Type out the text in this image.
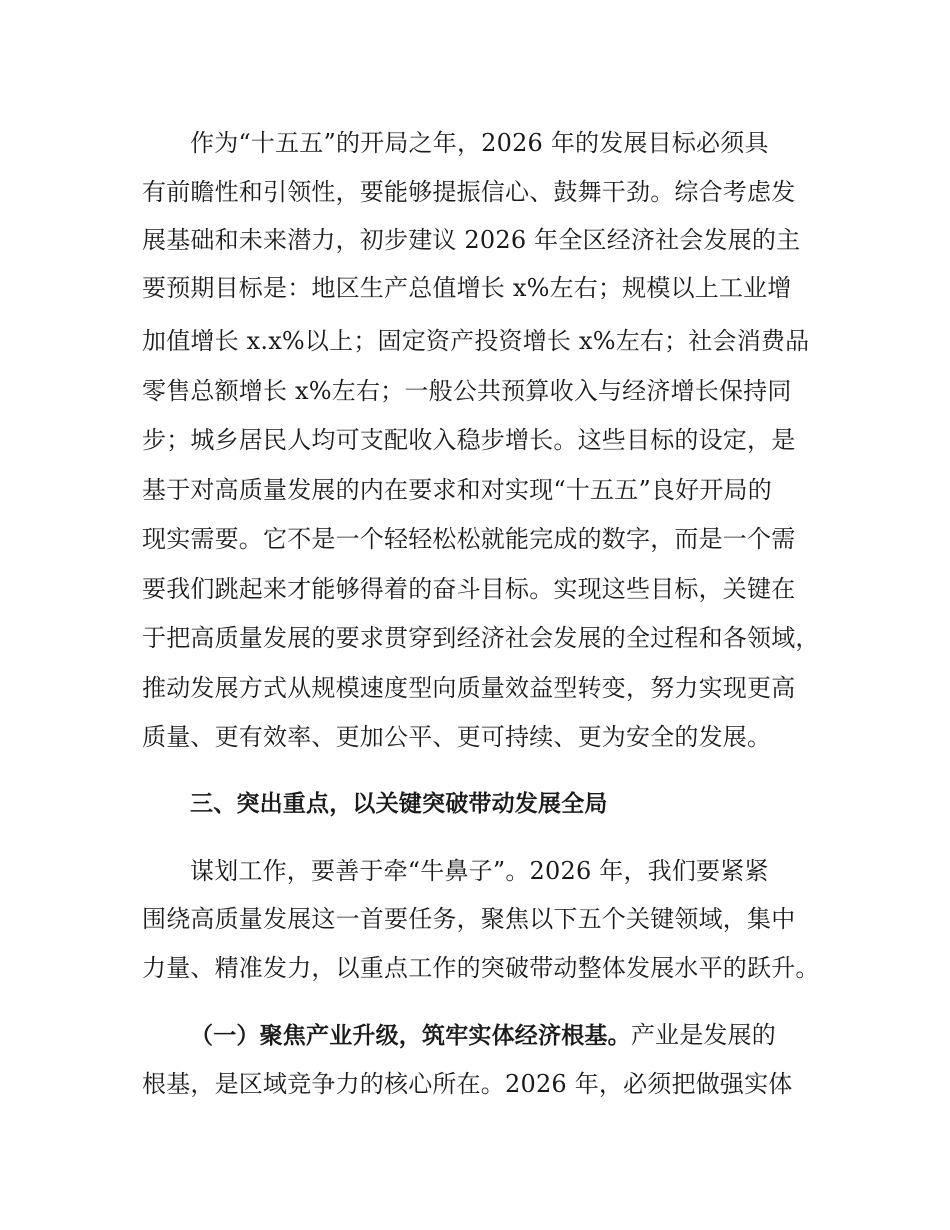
作为“十五五”的开局之年，2026 年的发展目标必须具
有前瞻性和引领性，要能够提振信心、鼓舞干劲。综合考虑发
展基础和未来潜力，初步建议 2026 年全区经济社会发展的主
要预期目标是：地区生产总值增长 x%左右；规模以上工业增
加值增长 x.x%以上；固定资产投资增长 x%左右；社会消费品
零售总额增长 x%左右；一般公共预算收入与经济增长保持同
步；城乡居民人均可支配收入稳步增长。这些目标的设定，是
基于对高质量发展的内在要求和对实现“十五五”良好开局的
现实需要。它不是一个轻轻松松就能完成的数字，而是一个需
要我们跳起来才能够得着的奋斗目标。实现这些目标，关键在
于把高质量发展的要求贯穿到经济社会发展的全过程和各领域，
推动发展方式从规模速度型向质量效益型转变，努力实现更高
质量、更有效率、更加公平、更可持续、更为安全的发展。
三、突出重点，以关键突破带动发展全局
谋划工作，要善于牵“牛鼻子”。2026 年，我们要紧紧
围绕高质量发展这一首要任务，聚焦以下五个关键领域，集中
力量、精准发力，以重点工作的突破带动整体发展水平的跃升。
（一）聚焦产业升级，筑牢实体经济根基。产业是发展的
根基，是区域竞争力的核心所在。2026 年，必须把做强实体
